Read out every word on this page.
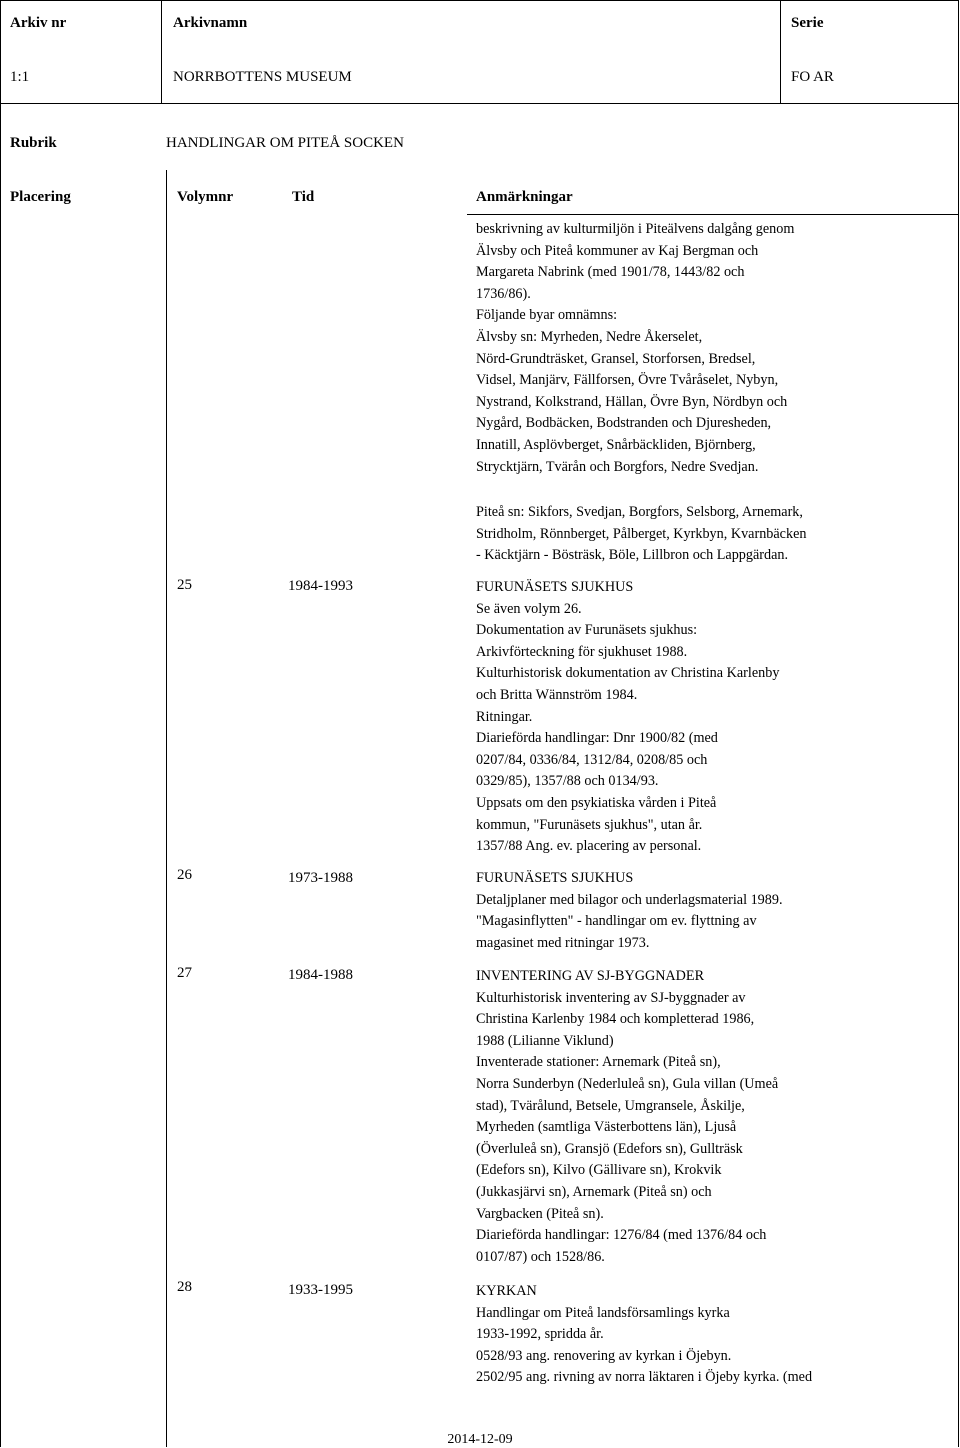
Arkiv nr	Arkivnamn	Serie
1:1	NORRBOTTENS MUSEUM	FO AR
Rubrik	HANDLINGAR OM PITEÅ SOCKEN
Placering	Volymnr	Tid	Anmärkningar
beskrivning av kulturmiljön i Piteälvens dalgång genom
Älvsby och Piteå kommuner av Kaj Bergman och
Margareta Nabrink (med 1901/78, 1443/82 och
1736/86).
Följande byar omnämns:
Älvsby sn: Myrheden, Nedre Åkerselet,
Nörd-Grundträsket, Gransel, Storforsen, Bredsel,
Vidsel, Manjärv, Fällforsen, Övre Tvåråselet, Nybyn,
Nystrand, Kolkstrand, Hällan, Övre Byn, Nördbyn och
Nygård, Bodbäcken, Bodstranden och Djuresheden,
Innatill, Asplövberget, Snårbäckliden, Björnberg,
Strycktjärn, Tvärån och Borgfors, Nedre Svedjan.
Piteå sn: Sikfors, Svedjan, Borgfors, Selsborg, Arnemark,
Stridholm, Rönnberget, Pålberget, Kyrkbyn, Kvarnbäcken
- Käcktjärn - Bösträsk, Böle, Lillbron och Lappgärdan.
25	1984-1993	FURUNÄSETS SJUKHUS
Se även volym 26.
Dokumentation av Furunäsets sjukhus:
Arkivförteckning för sjukhuset 1988.
Kulturhistorisk dokumentation av Christina Karlenby
och Britta Wännström 1984.
Ritningar.
Diarieförda handlingar: Dnr 1900/82 (med
0207/84, 0336/84, 1312/84, 0208/85 och
0329/85), 1357/88 och 0134/93.
Uppsats om den psykiatiska vården i Piteå
kommun, "Furunäsets sjukhus", utan år.
1357/88 Ang. ev. placering av personal.
26	1973-1988	FURUNÄSETS SJUKHUS
Detaljplaner med bilagor och underlagsmaterial 1989.
"Magasinflytten" - handlingar om ev. flyttning av
magasinet med ritningar 1973.
27	1984-1988	INVENTERING AV SJ-BYGGNADER
Kulturhistorisk inventering av SJ-byggnader av
Christina Karlenby 1984 och kompletterad 1986,
1988 (Lilianne Viklund)
Inventerade stationer: Arnemark (Piteå sn),
Norra Sunderbyn (Nederluleå sn), Gula villan (Umeå
stad), Tvärålund, Betsele, Umgransele, Åskilje,
Myrheden (samtliga Västerbottens län), Ljuså
(Överluleå sn), Gransjö (Edefors sn), Gullträsk
(Edefors sn), Kilvo (Gällivare sn), Krokvik
(Jukkasjärvi sn), Arnemark (Piteå sn) och
Vargbacken (Piteå sn).
Diarieförda handlingar: 1276/84 (med 1376/84 och
0107/87) och 1528/86.
28	1933-1995	KYRKAN
Handlingar om Piteå landsförsamlings kyrka
1933-1992, spridda år.
0528/93 ang. renovering av kyrkan i Öjebyn.
2502/95 ang. rivning av norra läktaren i Öjeby kyrka. (med
2014-12-09
